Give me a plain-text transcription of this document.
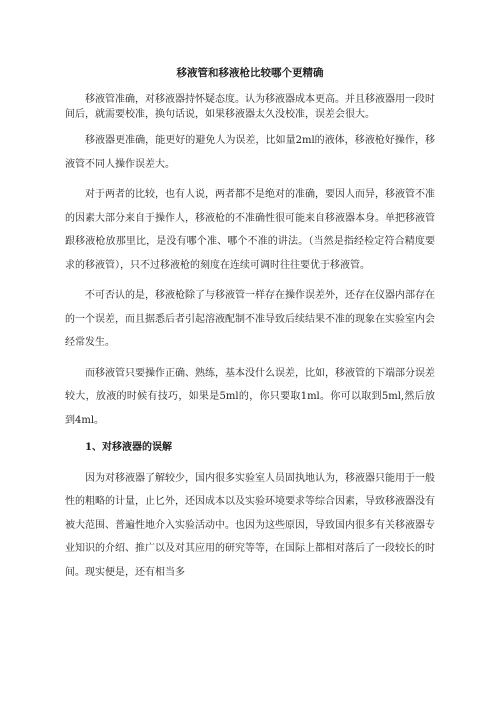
移液管和移液枪比较哪个更精确

移液管准确，对移液器持怀疑态度。认为移液器成本更高。并且移液器用一段时间后，就需要校准，换句话说，如果移液器太久没校准，误差会很大。

移液器更准确，能更好的避免人为误差，比如量2ml的液体，移液枪好操作，移液管不同人操作误差大。

对于两者的比较，也有人说，两者都不是绝对的准确，要因人而异，移液管不准的因素大部分来自于操作人，移液枪的不准确性很可能来自移液器本身。单把移液管跟移液枪放那里比，是没有哪个准、哪个不准的讲法。（当然是指经检定符合精度要求的移液管），只不过移液枪的刻度在连续可调时往往要优于移液管。

不可否认的是，移液枪除了与移液管一样存在操作误差外，还存在仪器内部存在的一个误差，而且据悉后者引起溶液配制不准导致后续结果不准的现象在实验室内会经常发生。

而移液管只要操作正确、熟练，基本没什么误差，比如，移液管的下端部分误差较大，放液的时候有技巧，如果是5ml的，你只要取1ml。你可以取到5ml,然后放到4ml。

1、对移液器的误解

因为对移液器了解较少，国内很多实验室人员固执地认为，移液器只能用于一般性的粗略的计量，止匕外，还因成本以及实验环境要求等综合因素，导致移液器没有被大范围、普遍性地介入实验活动中。也因为这些原因，导致国内很多有关移液器专业知识的介绍、推广以及对其应用的研究等等，在国际上都相对落后了一段较长的时间。现实便是，还有相当多
